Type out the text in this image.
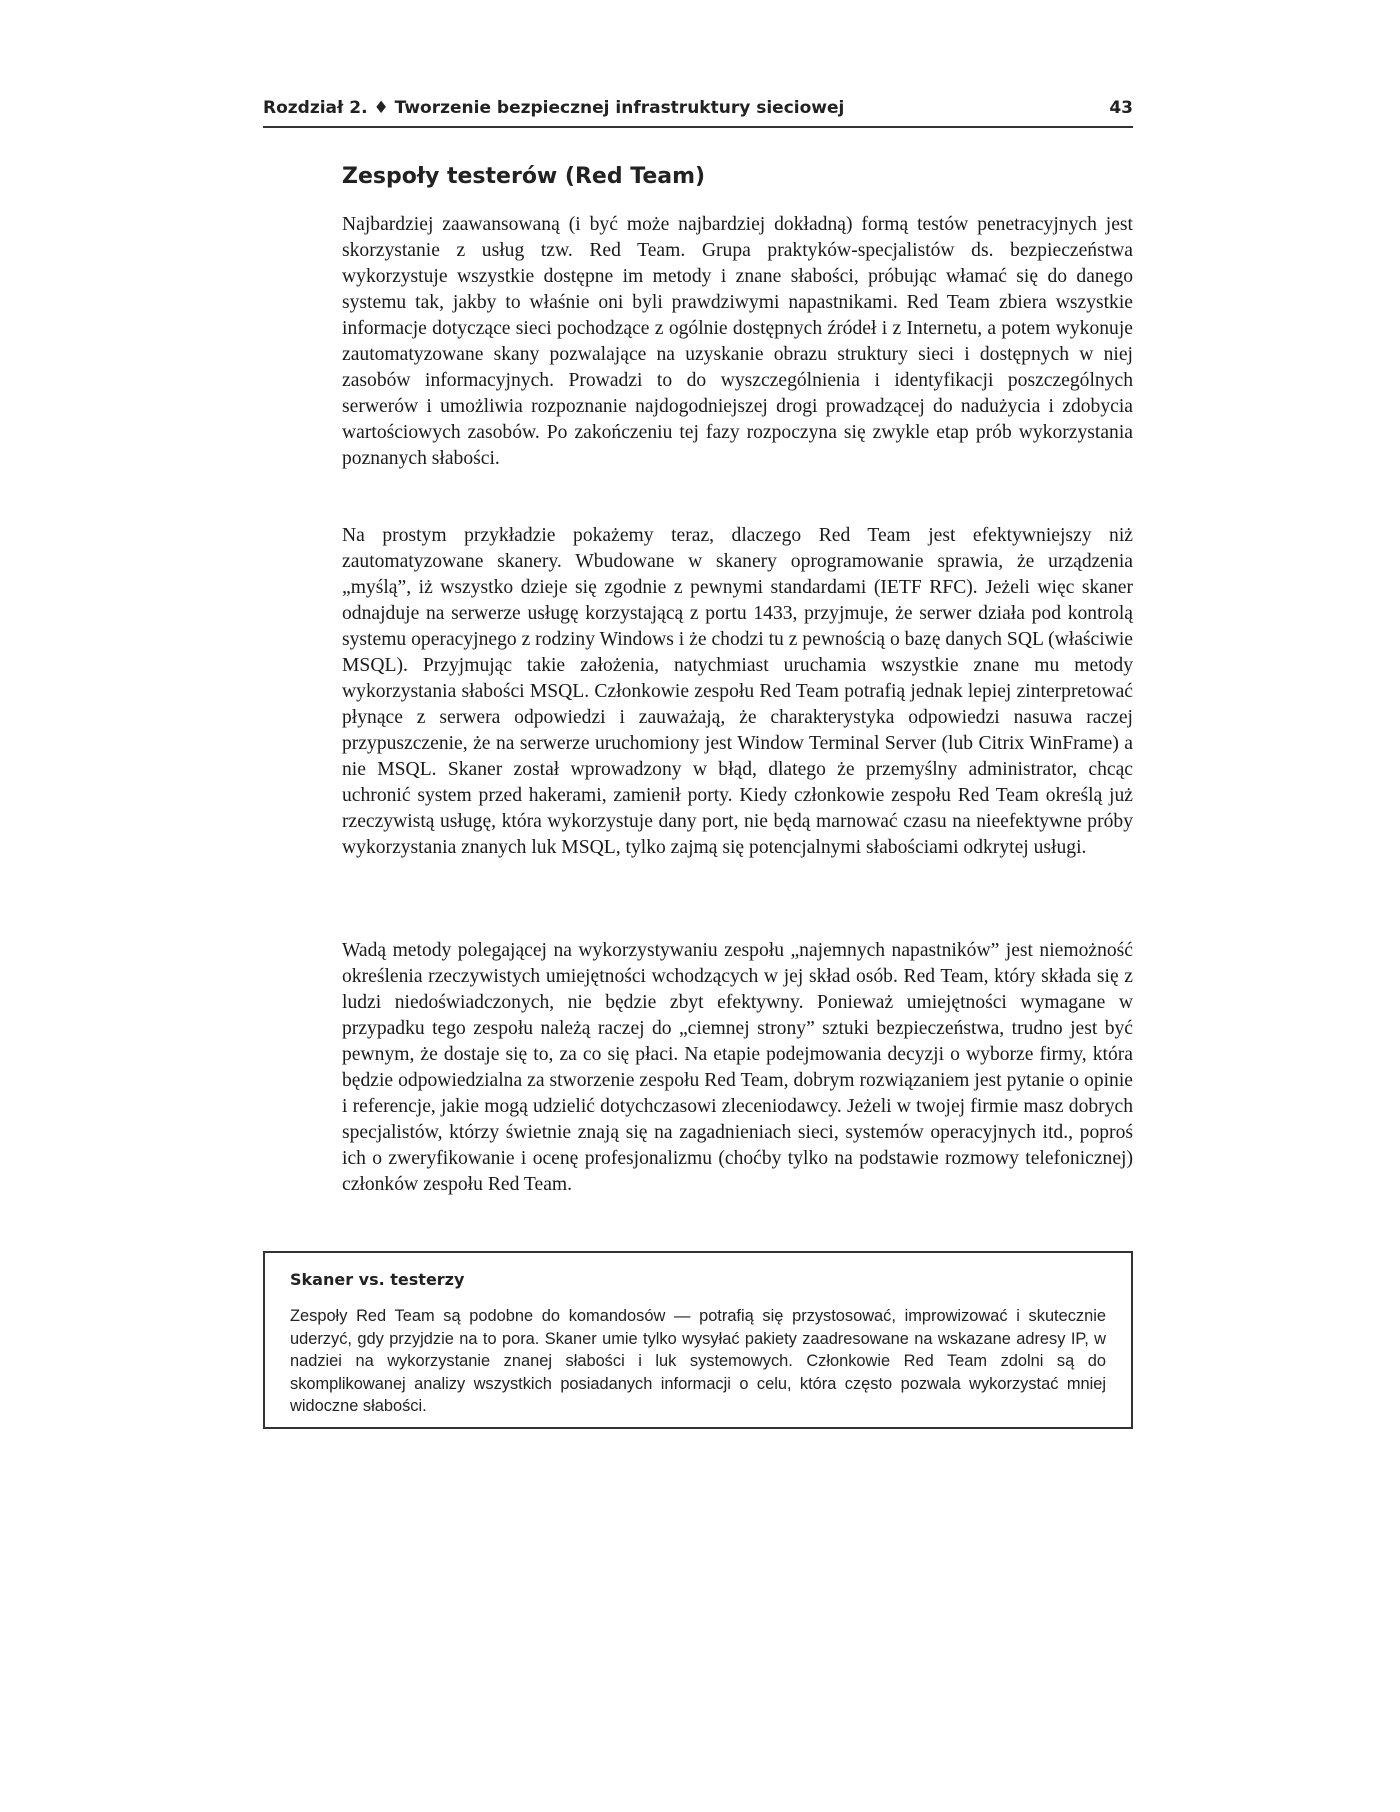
Rozdział 2. ♦ Tworzenie bezpiecznej infrastruktury sieciowej	43
Zespoły testerów (Red Team)

Najbardziej zaawansowaną (i być może najbardziej dokładną) formą testów penetracyjnych jest skorzystanie z usług tzw. Red Team. Grupa praktyków-specjalistów ds. bezpieczeństwa wykorzystuje wszystkie dostępne im metody i znane słabości, próbując włamać się do danego systemu tak, jakby to właśnie oni byli prawdziwymi napastnikami. Red Team zbiera wszystkie informacje dotyczące sieci pochodzące z ogólnie dostępnych źródeł i z Internetu, a potem wykonuje zautomatyzowane skany pozwalające na uzyskanie obrazu struktury sieci i dostępnych w niej zasobów informacyjnych. Prowadzi to do wyszczególnienia i identyfikacji poszczególnych serwerów i umożliwia rozpoznanie najdogodniejszej drogi prowadzącej do nadużycia i zdobycia wartościowych zasobów. Po zakończeniu tej fazy rozpoczyna się zwykle etap prób wykorzystania poznanych słabości.

Na prostym przykładzie pokażemy teraz, dlaczego Red Team jest efektywniejszy niż zautomatyzowane skanery. Wbudowane w skanery oprogramowanie sprawia, że urządzenia „myślą”, iż wszystko dzieje się zgodnie z pewnymi standardami (IETF RFC). Jeżeli więc skaner odnajduje na serwerze usługę korzystającą z portu 1433, przyjmuje, że serwer działa pod kontrolą systemu operacyjnego z rodziny Windows i że chodzi tu z pewnością o bazę danych SQL (właściwie MSQL). Przyjmując takie założenia, natychmiast uruchamia wszystkie znane mu metody wykorzystania słabości MSQL. Członkowie zespołu Red Team potrafią jednak lepiej zinterpretować płynące z serwera odpowiedzi i zauważają, że charakterystyka odpowiedzi nasuwa raczej przypuszczenie, że na serwerze uruchomiony jest Window Terminal Server (lub Citrix WinFrame) a nie MSQL. Skaner został wprowadzony w błąd, dlatego że przemyślny administrator, chcąc uchronić system przed hakerami, zamienił porty. Kiedy członkowie zespołu Red Team określą już rzeczywistą usługę, która wykorzystuje dany port, nie będą marnować czasu na nieefektywne próby wykorzystania znanych luk MSQL, tylko zajmą się potencjalnymi słabościami odkrytej usługi.

Wadą metody polegającej na wykorzystywaniu zespołu „najemnych napastników” jest niemożność określenia rzeczywistych umiejętności wchodzących w jej skład osób. Red Team, który składa się z ludzi niedoświadczonych, nie będzie zbyt efektywny. Ponieważ umiejętności wymagane w przypadku tego zespołu należą raczej do „ciemnej strony” sztuki bezpieczeństwa, trudno jest być pewnym, że dostaje się to, za co się płaci. Na etapie podejmowania decyzji o wyborze firmy, która będzie odpowiedzialna za stworzenie zespołu Red Team, dobrym rozwiązaniem jest pytanie o opinie i referencje, jakie mogą udzielić dotychczasowi zleceniodawcy. Jeżeli w twojej firmie masz dobrych specjalistów, którzy świetnie znają się na zagadnieniach sieci, systemów operacyjnych itd., poproś ich o zweryfikowanie i ocenę profesjonalizmu (choćby tylko na podstawie rozmowy telefonicznej) członków zespołu Red Team.

Skaner vs. testerzy

Zespoły Red Team są podobne do komandosów — potrafią się przystosować, improwizować i skutecznie uderzyć, gdy przyjdzie na to pora. Skaner umie tylko wysyłać pakiety zaadresowane na wskazane adresy IP, w nadziei na wykorzystanie znanej słabości i luk systemowych. Członkowie Red Team zdolni są do skomplikowanej analizy wszystkich posiadanych informacji o celu, która często pozwala wykorzystać mniej widoczne słabości.
